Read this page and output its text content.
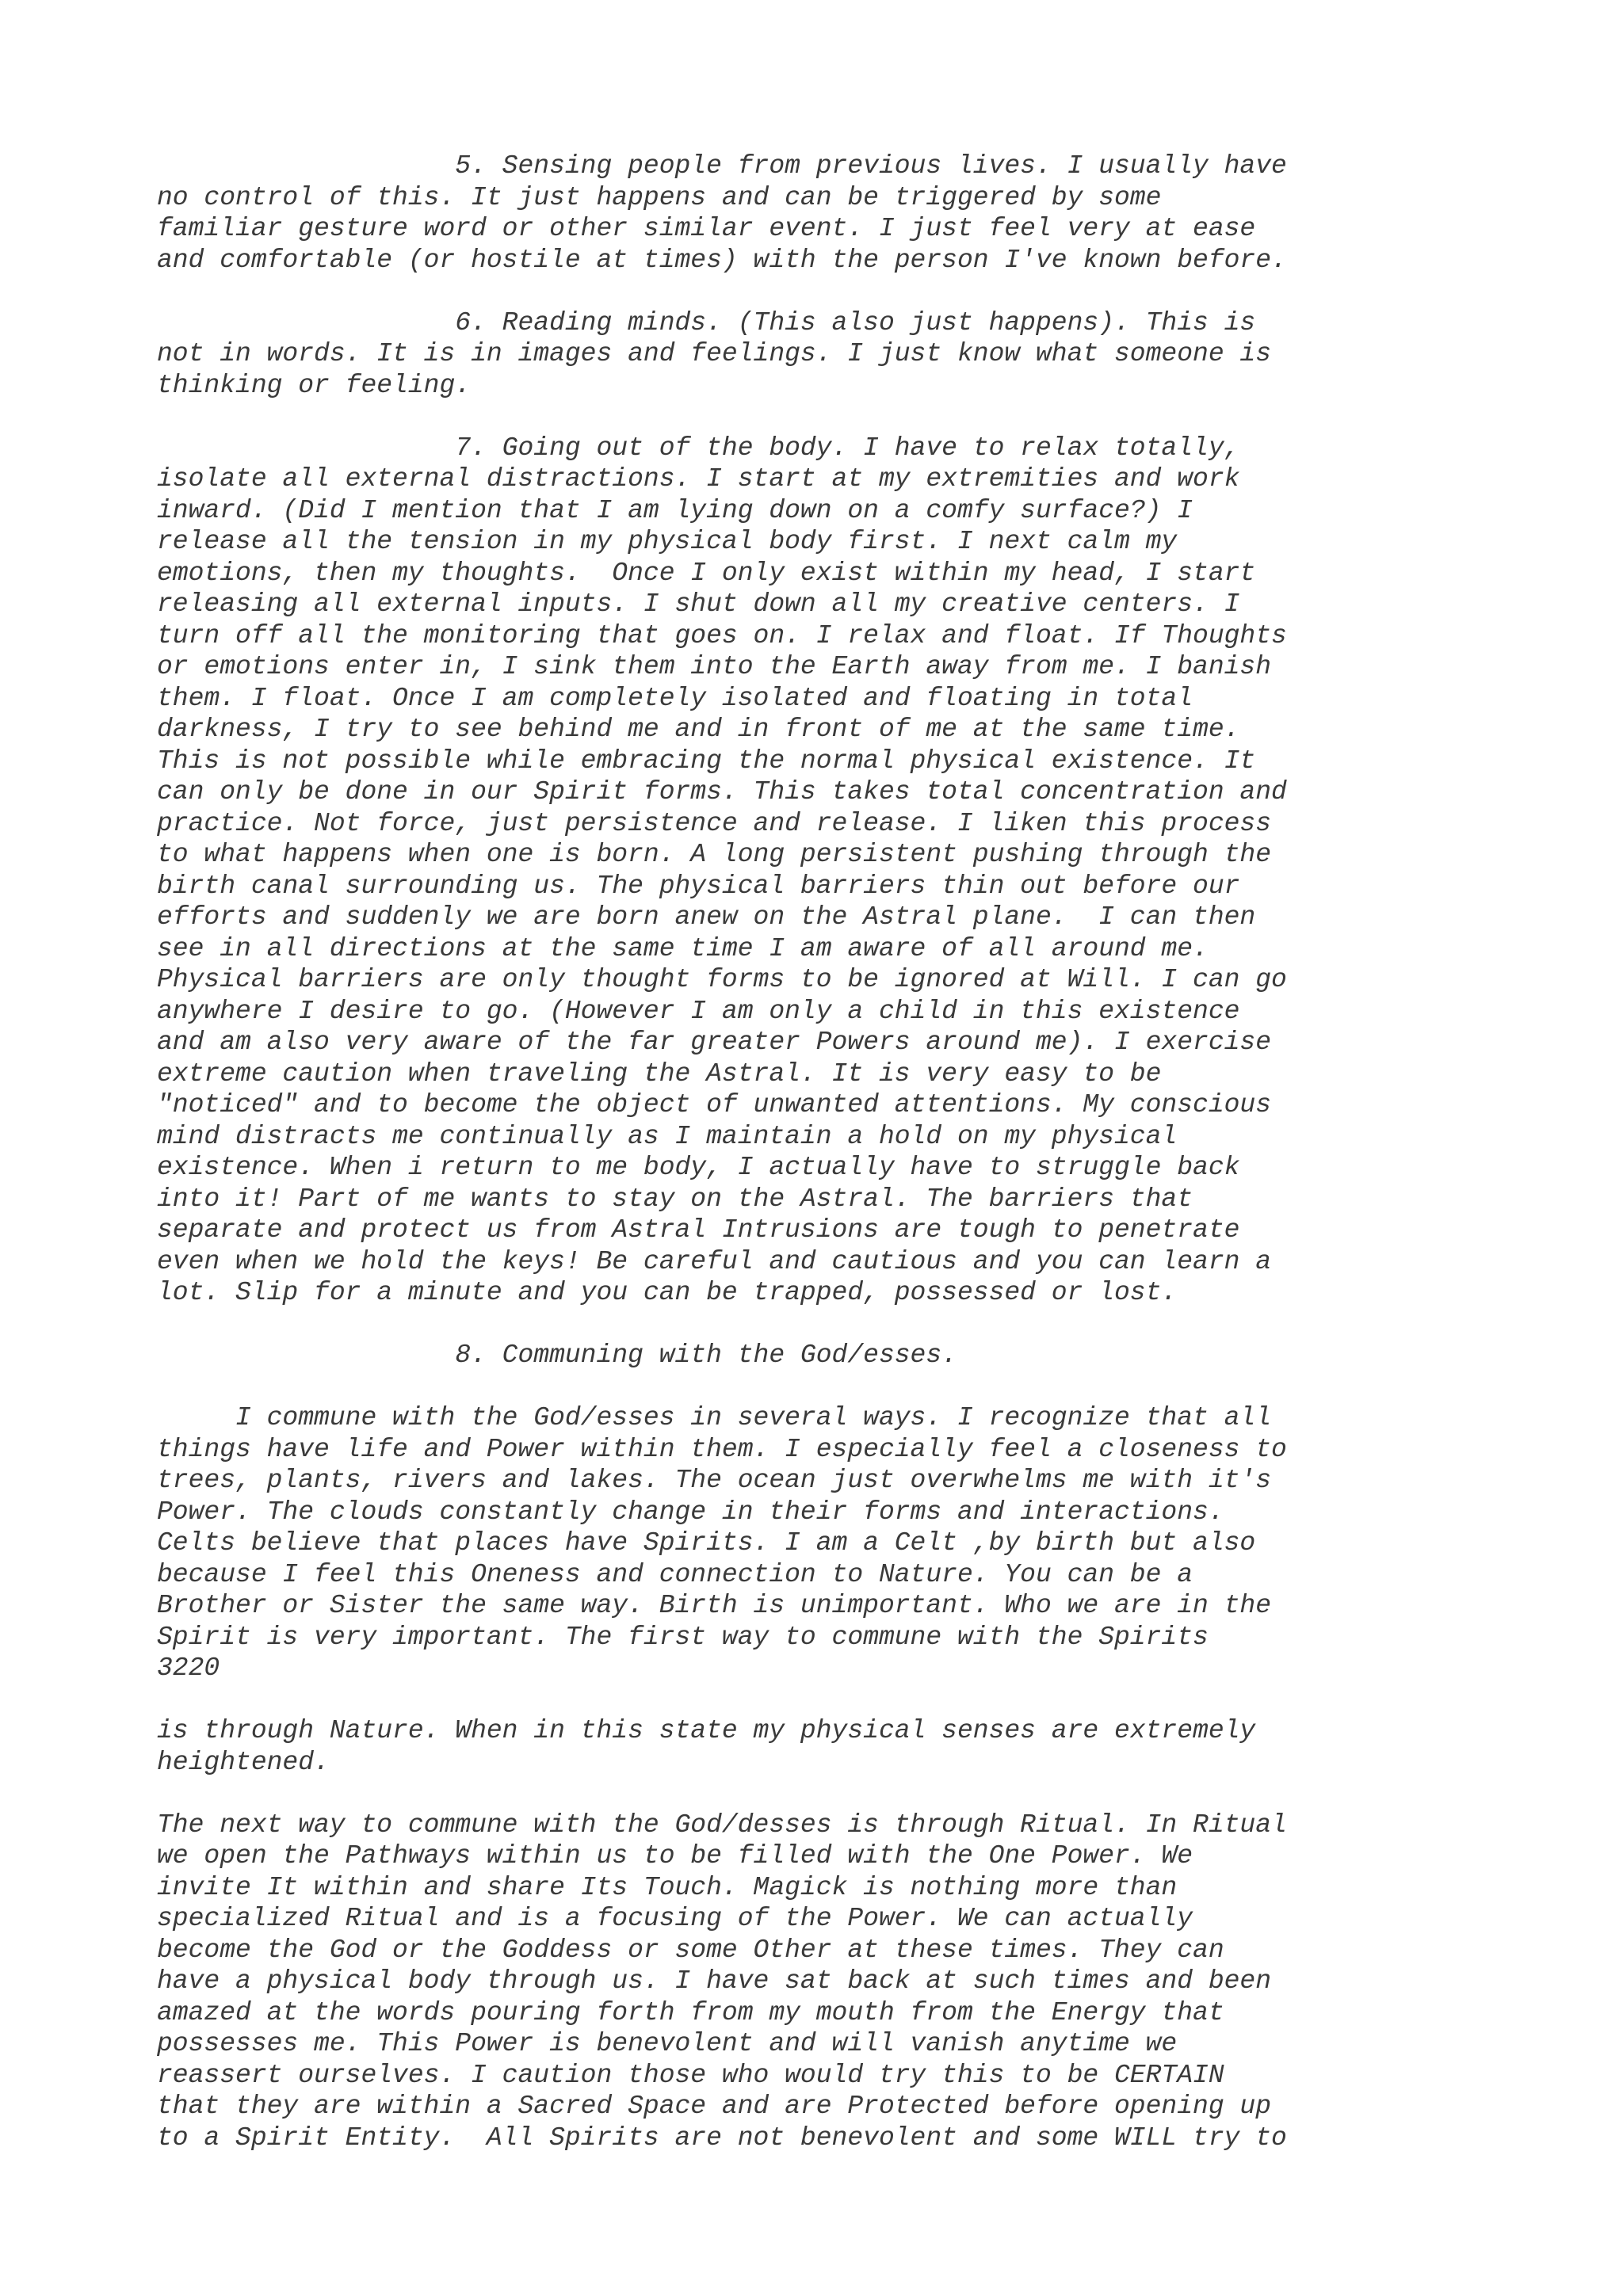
5. Sensing people from previous lives. I usually have
no control of this. It just happens and can be triggered by some
familiar gesture word or other similar event. I just feel very at ease
and comfortable (or hostile at times) with the person I've known before.
6. Reading minds. (This also just happens). This is
not in words. It is in images and feelings. I just know what someone is
thinking or feeling.
7. Going out of the body. I have to relax totally,
isolate all external distractions. I start at my extremities and work
inward. (Did I mention that I am lying down on a comfy surface?) I
release all the tension in my physical body first. I next calm my
emotions, then my thoughts.  Once I only exist within my head, I start
releasing all external inputs. I shut down all my creative centers. I
turn off all the monitoring that goes on. I relax and float. If Thoughts
or emotions enter in, I sink them into the Earth away from me. I banish
them. I float. Once I am completely isolated and floating in total
darkness, I try to see behind me and in front of me at the same time.
This is not possible while embracing the normal physical existence. It
can only be done in our Spirit forms. This takes total concentration and
practice. Not force, just persistence and release. I liken this process
to what happens when one is born. A long persistent pushing through the
birth canal surrounding us. The physical barriers thin out before our
efforts and suddenly we are born anew on the Astral plane.  I can then
see in all directions at the same time I am aware of all around me.
Physical barriers are only thought forms to be ignored at Will. I can go
anywhere I desire to go. (However I am only a child in this existence
and am also very aware of the far greater Powers around me). I exercise
extreme caution when traveling the Astral. It is very easy to be
"noticed" and to become the object of unwanted attentions. My conscious
mind distracts me continually as I maintain a hold on my physical
existence. When i return to me body, I actually have to struggle back
into it! Part of me wants to stay on the Astral. The barriers that
separate and protect us from Astral Intrusions are tough to penetrate
even when we hold the keys! Be careful and cautious and you can learn a
lot. Slip for a minute and you can be trapped, possessed or lost.
8. Communing with the God/esses.
I commune with the God/esses in several ways. I recognize that all
things have life and Power within them. I especially feel a closeness to
trees, plants, rivers and lakes. The ocean just overwhelms me with it's
Power. The clouds constantly change in their forms and interactions.
Celts believe that places have Spirits. I am a Celt ,by birth but also
because I feel this Oneness and connection to Nature. You can be a
Brother or Sister the same way. Birth is unimportant. Who we are in the
Spirit is very important. The first way to commune with the Spirits
3220
is through Nature. When in this state my physical senses are extremely
heightened.
The next way to commune with the God/desses is through Ritual. In Ritual
we open the Pathways within us to be filled with the One Power. We
invite It within and share Its Touch. Magick is nothing more than
specialized Ritual and is a focusing of the Power. We can actually
become the God or the Goddess or some Other at these times. They can
have a physical body through us. I have sat back at such times and been
amazed at the words pouring forth from my mouth from the Energy that
possesses me. This Power is benevolent and will vanish anytime we
reassert ourselves. I caution those who would try this to be CERTAIN
that they are within a Sacred Space and are Protected before opening up
to a Spirit Entity.  All Spirits are not benevolent and some WILL try to
